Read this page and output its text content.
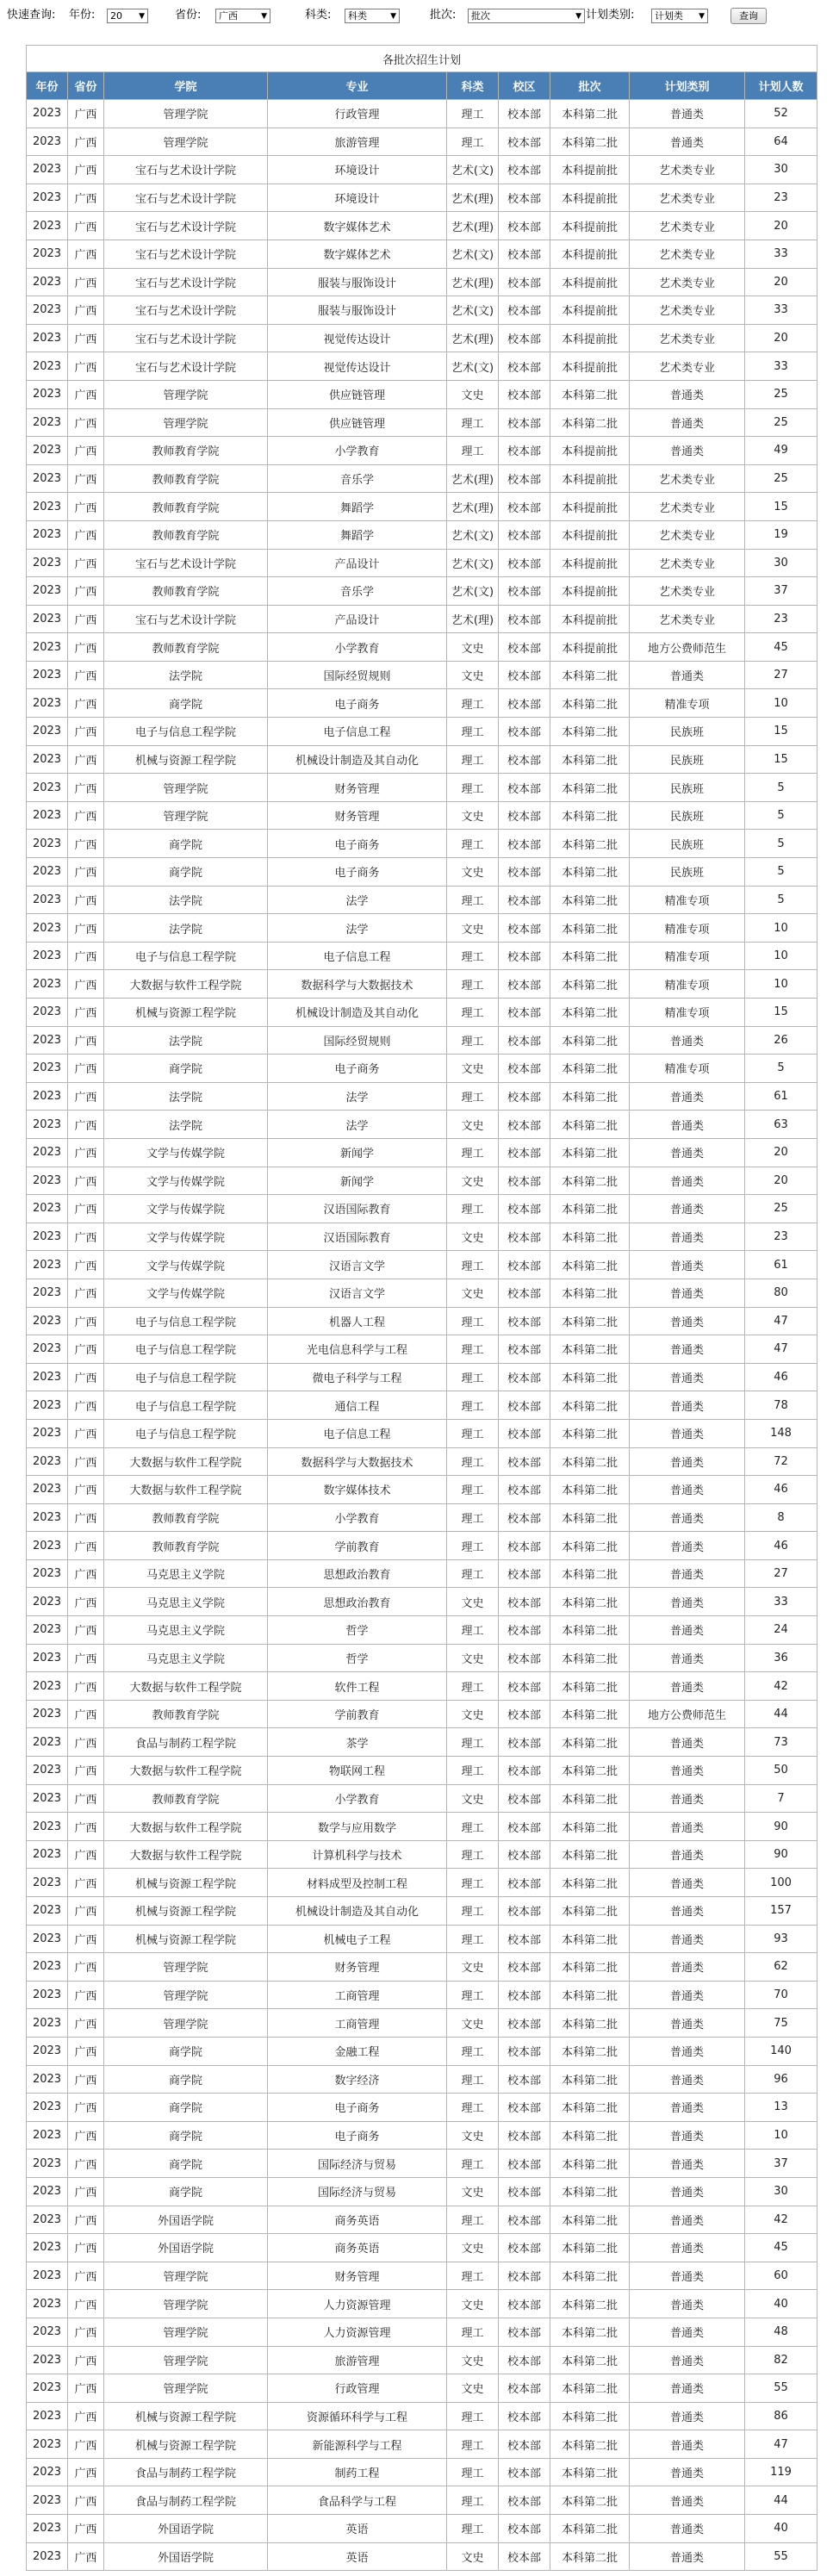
快速查询: 年份:	20 ▼	省份:	广西	▼	科类:	科类	▼	批次:	批次	▼ 计划类别:	计划类 ▼	查询
各批次招生计划								
年份	省份	学院	专业	科类	校区	批次	计划类别	计划人数
2023	广西	管理学院	行政管理	理工	校本部	本科第二批	普通类	52
2023	广西	管理学院	旅游管理	理工	校本部	本科第二批	普通类	64
2023	广西	宝石与艺术设计学院	环境设计	艺术(文)	校本部	本科提前批	艺术类专业	30
2023	广西	宝石与艺术设计学院	环境设计	艺术(理)	校本部	本科提前批	艺术类专业	23
2023	广西	宝石与艺术设计学院	数字媒体艺术	艺术(理)	校本部	本科提前批	艺术类专业	20
2023	广西	宝石与艺术设计学院	数字媒体艺术	艺术(文)	校本部	本科提前批	艺术类专业	33
2023	广西	宝石与艺术设计学院	服装与服饰设计	艺术(理)	校本部	本科提前批	艺术类专业	20
2023	广西	宝石与艺术设计学院	服装与服饰设计	艺术(文)	校本部	本科提前批	艺术类专业	33
2023	广西	宝石与艺术设计学院	视觉传达设计	艺术(理)	校本部	本科提前批	艺术类专业	20
2023	广西	宝石与艺术设计学院	视觉传达设计	艺术(文)	校本部	本科提前批	艺术类专业	33
2023	广西	管理学院	供应链管理	文史	校本部	本科第二批	普通类	25
2023	广西	管理学院	供应链管理	理工	校本部	本科第二批	普通类	25
2023	广西	教师教育学院	小学教育	理工	校本部	本科提前批	普通类	49
2023	广西	教师教育学院	音乐学	艺术(理)	校本部	本科提前批	艺术类专业	25
2023	广西	教师教育学院	舞蹈学	艺术(理)	校本部	本科提前批	艺术类专业	15
2023	广西	教师教育学院	舞蹈学	艺术(文)	校本部	本科提前批	艺术类专业	19
2023	广西	宝石与艺术设计学院	产品设计	艺术(文)	校本部	本科提前批	艺术类专业	30
2023	广西	教师教育学院	音乐学	艺术(文)	校本部	本科提前批	艺术类专业	37
2023	广西	宝石与艺术设计学院	产品设计	艺术(理)	校本部	本科提前批	艺术类专业	23
2023	广西	教师教育学院	小学教育	文史	校本部	本科提前批	地方公费师范生	45
2023	广西	法学院	国际经贸规则	文史	校本部	本科第二批	普通类	27
2023	广西	商学院	电子商务	理工	校本部	本科第二批	精准专项	10
2023	广西	电子与信息工程学院	电子信息工程	理工	校本部	本科第二批	民族班	15
2023	广西	机械与资源工程学院	机械设计制造及其自动化	理工	校本部	本科第二批	民族班	15
2023	广西	管理学院	财务管理	理工	校本部	本科第二批	民族班	5
2023	广西	管理学院	财务管理	文史	校本部	本科第二批	民族班	5
2023	广西	商学院	电子商务	理工	校本部	本科第二批	民族班	5
2023	广西	商学院	电子商务	文史	校本部	本科第二批	民族班	5
2023	广西	法学院	法学	理工	校本部	本科第二批	精准专项	5
2023	广西	法学院	法学	文史	校本部	本科第二批	精准专项	10
2023	广西	电子与信息工程学院	电子信息工程	理工	校本部	本科第二批	精准专项	10
2023	广西	大数据与软件工程学院	数据科学与大数据技术	理工	校本部	本科第二批	精准专项	10
2023	广西	机械与资源工程学院	机械设计制造及其自动化	理工	校本部	本科第二批	精准专项	15
2023	广西	法学院	国际经贸规则	理工	校本部	本科第二批	普通类	26
2023	广西	商学院	电子商务	文史	校本部	本科第二批	精准专项	5
2023	广西	法学院	法学	理工	校本部	本科第二批	普通类	61
2023	广西	法学院	法学	文史	校本部	本科第二批	普通类	63
2023	广西	文学与传媒学院	新闻学	理工	校本部	本科第二批	普通类	20
2023	广西	文学与传媒学院	新闻学	文史	校本部	本科第二批	普通类	20
2023	广西	文学与传媒学院	汉语国际教育	理工	校本部	本科第二批	普通类	25
2023	广西	文学与传媒学院	汉语国际教育	文史	校本部	本科第二批	普通类	23
2023	广西	文学与传媒学院	汉语言文学	理工	校本部	本科第二批	普通类	61
2023	广西	文学与传媒学院	汉语言文学	文史	校本部	本科第二批	普通类	80
2023	广西	电子与信息工程学院	机器人工程	理工	校本部	本科第二批	普通类	47
2023	广西	电子与信息工程学院	光电信息科学与工程	理工	校本部	本科第二批	普通类	47
2023	广西	电子与信息工程学院	微电子科学与工程	理工	校本部	本科第二批	普通类	46
2023	广西	电子与信息工程学院	通信工程	理工	校本部	本科第二批	普通类	78
2023	广西	电子与信息工程学院	电子信息工程	理工	校本部	本科第二批	普通类	148
2023	广西	大数据与软件工程学院	数据科学与大数据技术	理工	校本部	本科第二批	普通类	72
2023	广西	大数据与软件工程学院	数字媒体技术	理工	校本部	本科第二批	普通类	46
2023	广西	教师教育学院	小学教育	理工	校本部	本科第二批	普通类	8
2023	广西	教师教育学院	学前教育	理工	校本部	本科第二批	普通类	46
2023	广西	马克思主义学院	思想政治教育	理工	校本部	本科第二批	普通类	27
2023	广西	马克思主义学院	思想政治教育	文史	校本部	本科第二批	普通类	33
2023	广西	马克思主义学院	哲学	理工	校本部	本科第二批	普通类	24
2023	广西	马克思主义学院	哲学	文史	校本部	本科第二批	普通类	36
2023	广西	大数据与软件工程学院	软件工程	理工	校本部	本科第二批	普通类	42
2023	广西	教师教育学院	学前教育	文史	校本部	本科第二批	地方公费师范生	44
2023	广西	食品与制药工程学院	茶学	理工	校本部	本科第二批	普通类	73
2023	广西	大数据与软件工程学院	物联网工程	理工	校本部	本科第二批	普通类	50
2023	广西	教师教育学院	小学教育	文史	校本部	本科第二批	普通类	7
2023	广西	大数据与软件工程学院	数学与应用数学	理工	校本部	本科第二批	普通类	90
2023	广西	大数据与软件工程学院	计算机科学与技术	理工	校本部	本科第二批	普通类	90
2023	广西	机械与资源工程学院	材料成型及控制工程	理工	校本部	本科第二批	普通类	100
2023	广西	机械与资源工程学院	机械设计制造及其自动化	理工	校本部	本科第二批	普通类	157
2023	广西	机械与资源工程学院	机械电子工程	理工	校本部	本科第二批	普通类	93
2023	广西	管理学院	财务管理	文史	校本部	本科第二批	普通类	62
2023	广西	管理学院	工商管理	理工	校本部	本科第二批	普通类	70
2023	广西	管理学院	工商管理	文史	校本部	本科第二批	普通类	75
2023	广西	商学院	金融工程	理工	校本部	本科第二批	普通类	140
2023	广西	商学院	数字经济	理工	校本部	本科第二批	普通类	96
2023	广西	商学院	电子商务	理工	校本部	本科第二批	普通类	13
2023	广西	商学院	电子商务	文史	校本部	本科第二批	普通类	10
2023	广西	商学院	国际经济与贸易	理工	校本部	本科第二批	普通类	37
2023	广西	商学院	国际经济与贸易	文史	校本部	本科第二批	普通类	30
2023	广西	外国语学院	商务英语	理工	校本部	本科第二批	普通类	42
2023	广西	外国语学院	商务英语	文史	校本部	本科第二批	普通类	45
2023	广西	管理学院	财务管理	理工	校本部	本科第二批	普通类	60
2023	广西	管理学院	人力资源管理	文史	校本部	本科第二批	普通类	40
2023	广西	管理学院	人力资源管理	理工	校本部	本科第二批	普通类	48
2023	广西	管理学院	旅游管理	文史	校本部	本科第二批	普通类	82
2023	广西	管理学院	行政管理	文史	校本部	本科第二批	普通类	55
2023	广西	机械与资源工程学院	资源循环科学与工程	理工	校本部	本科第二批	普通类	86
2023	广西	机械与资源工程学院	新能源科学与工程	理工	校本部	本科第二批	普通类	47
2023	广西	食品与制药工程学院	制药工程	理工	校本部	本科第二批	普通类	119
2023	广西	食品与制药工程学院	食品科学与工程	理工	校本部	本科第二批	普通类	44
2023	广西	外国语学院	英语	理工	校本部	本科第二批	普通类	40
2023	广西	外国语学院	英语	文史	校本部	本科第二批	普通类	55
